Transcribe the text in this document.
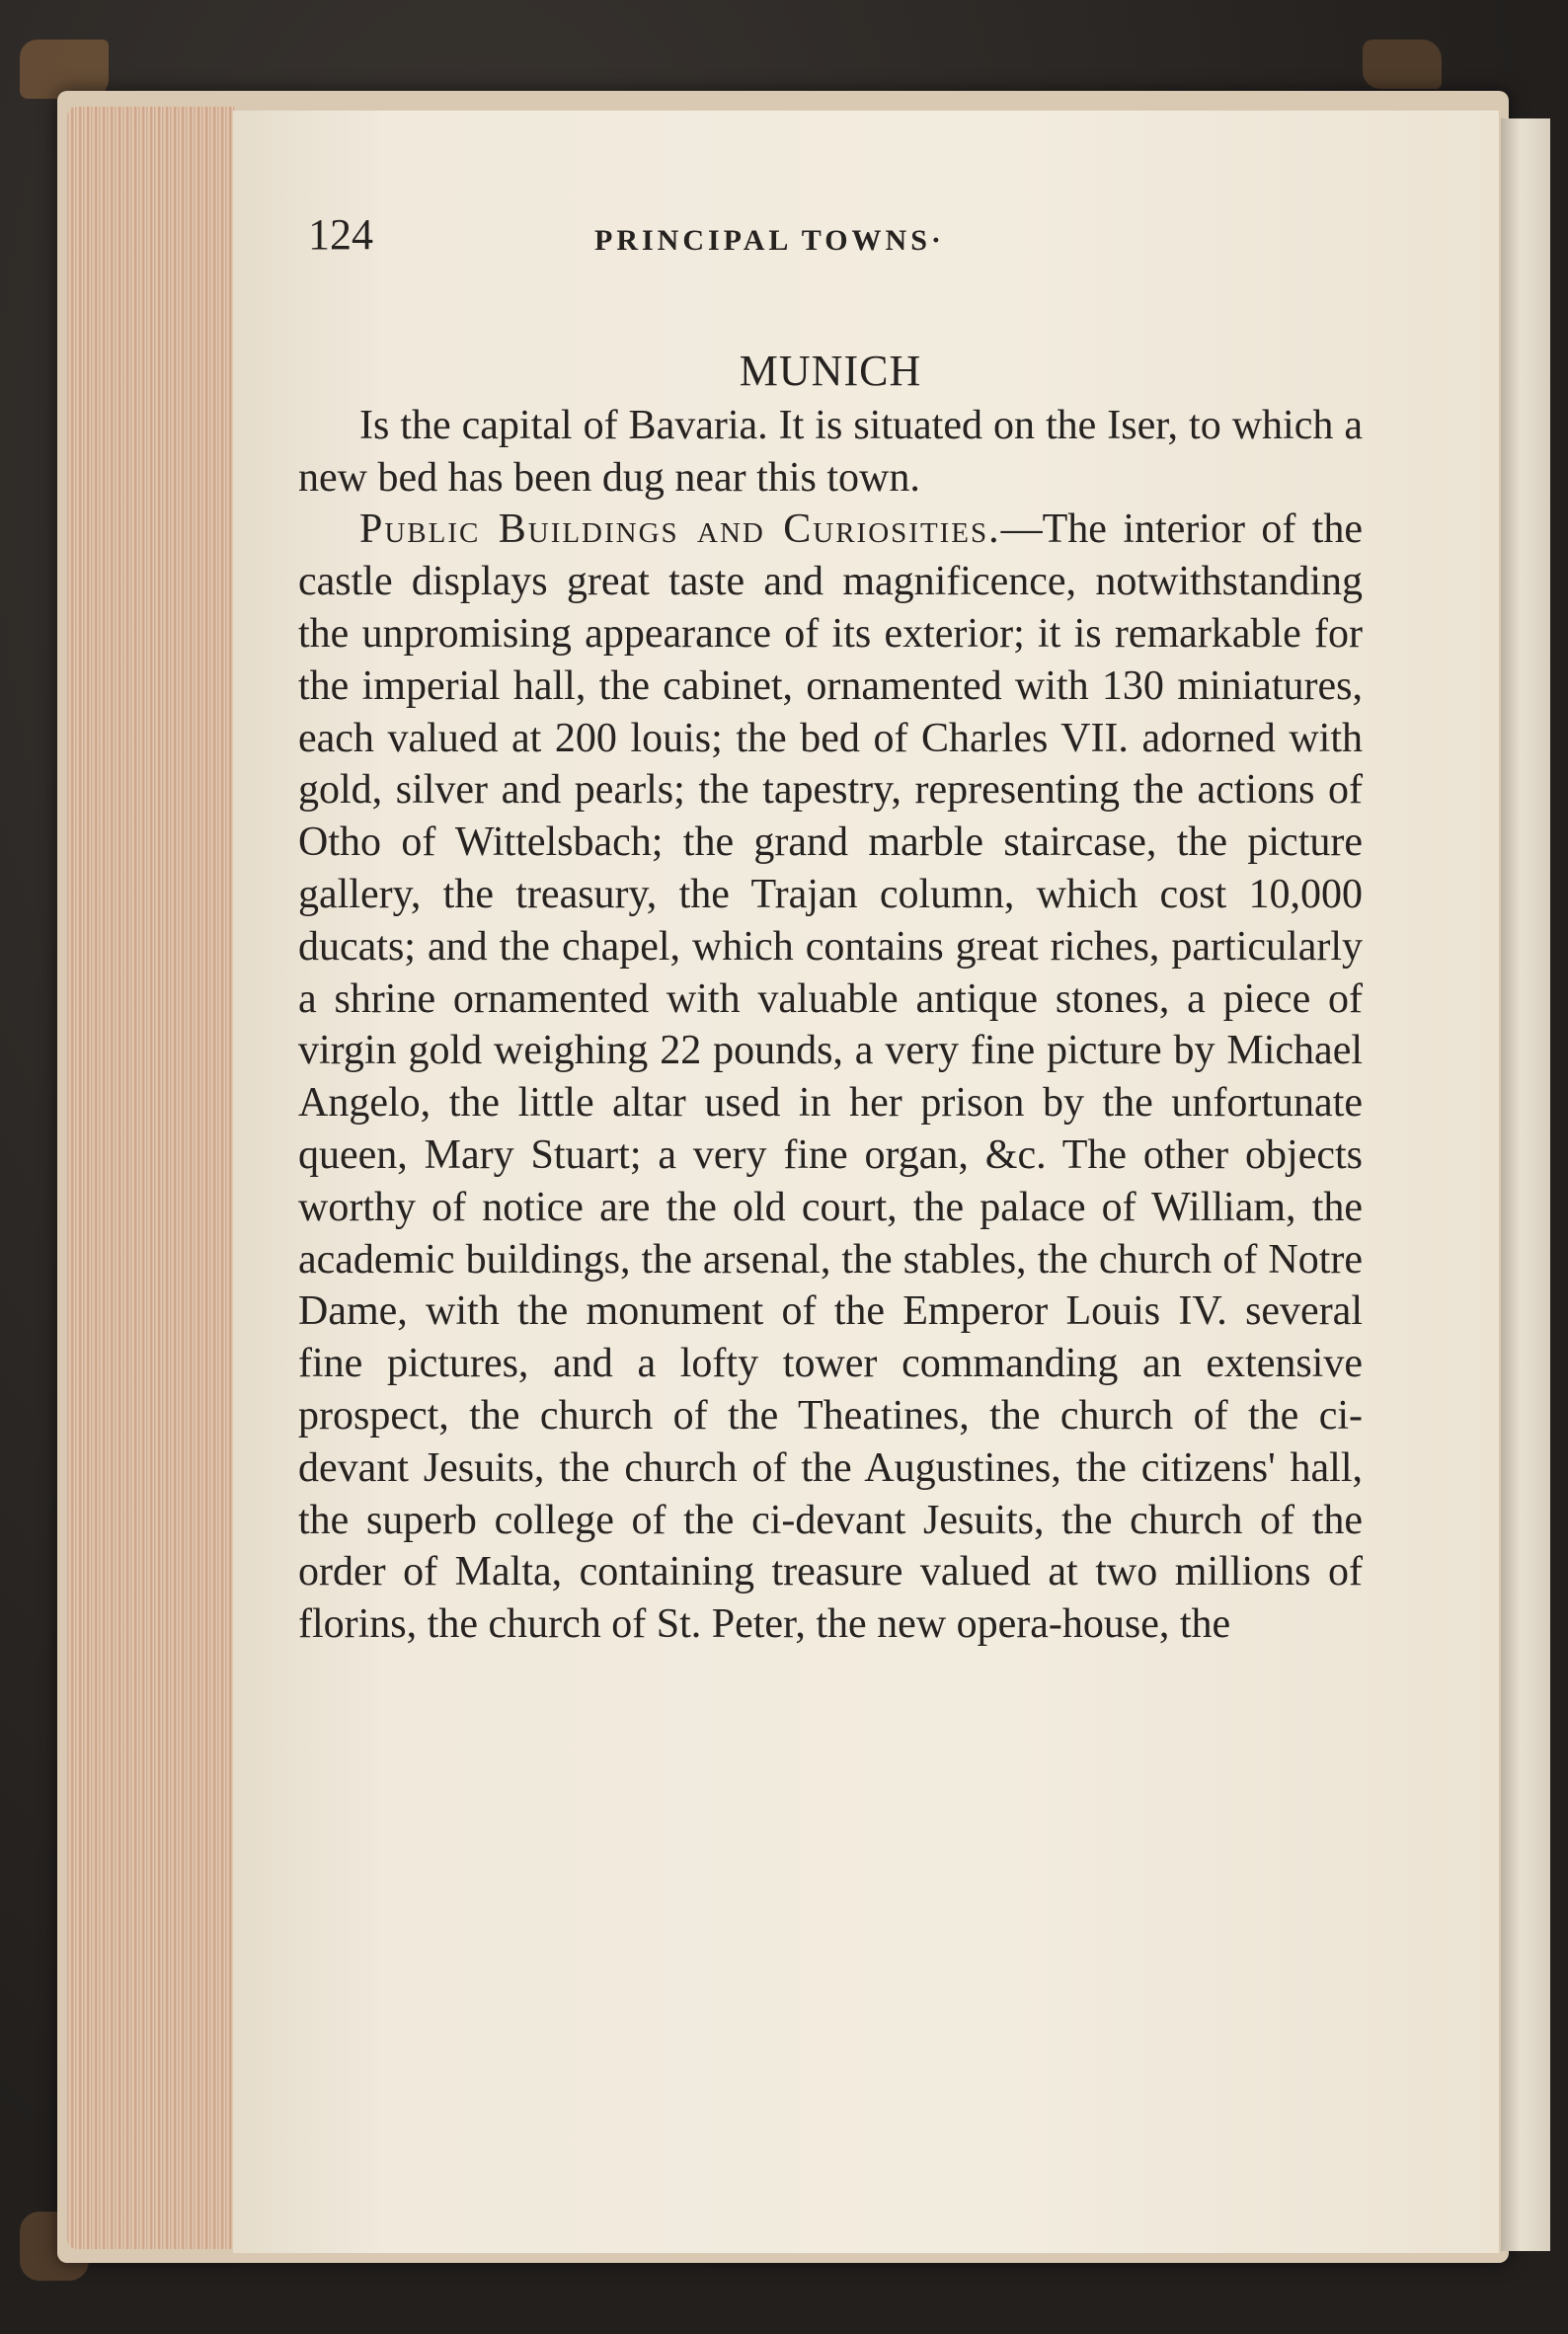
124	PRINCIPAL TOWNS·
MUNICH

Is the capital of Bavaria. It is situated on the Iser, to which a new bed has been dug near this town.

Public Buildings and Curiosities.—The interior of the castle displays great taste and magnificence, notwithstanding the unpromising appearance of its exterior; it is remarkable for the imperial hall, the cabinet, ornamented with 130 miniatures, each valued at 200 louis; the bed of Charles VII. adorned with gold, silver and pearls; the tapestry, representing the actions of Otho of Wittelsbach; the grand marble staircase, the picture gallery, the treasury, the Trajan column, which cost 10,000 ducats; and the chapel, which contains great riches, particularly a shrine ornamented with valuable antique stones, a piece of virgin gold weighing 22 pounds, a very fine picture by Michael Angelo, the little altar used in her prison by the unfortunate queen, Mary Stuart; a very fine organ, &c. The other objects worthy of notice are the old court, the palace of William, the academic buildings, the arsenal, the stables, the church of Notre Dame, with the monument of the Emperor Louis IV. several fine pictures, and a lofty tower commanding an extensive prospect, the church of the Theatines, the church of the ci-devant Jesuits, the church of the Augustines, the citizens' hall, the superb college of the ci-devant Jesuits, the church of the order of Malta, containing treasure valued at two millions of florins, the church of St. Peter, the new opera-house, the
